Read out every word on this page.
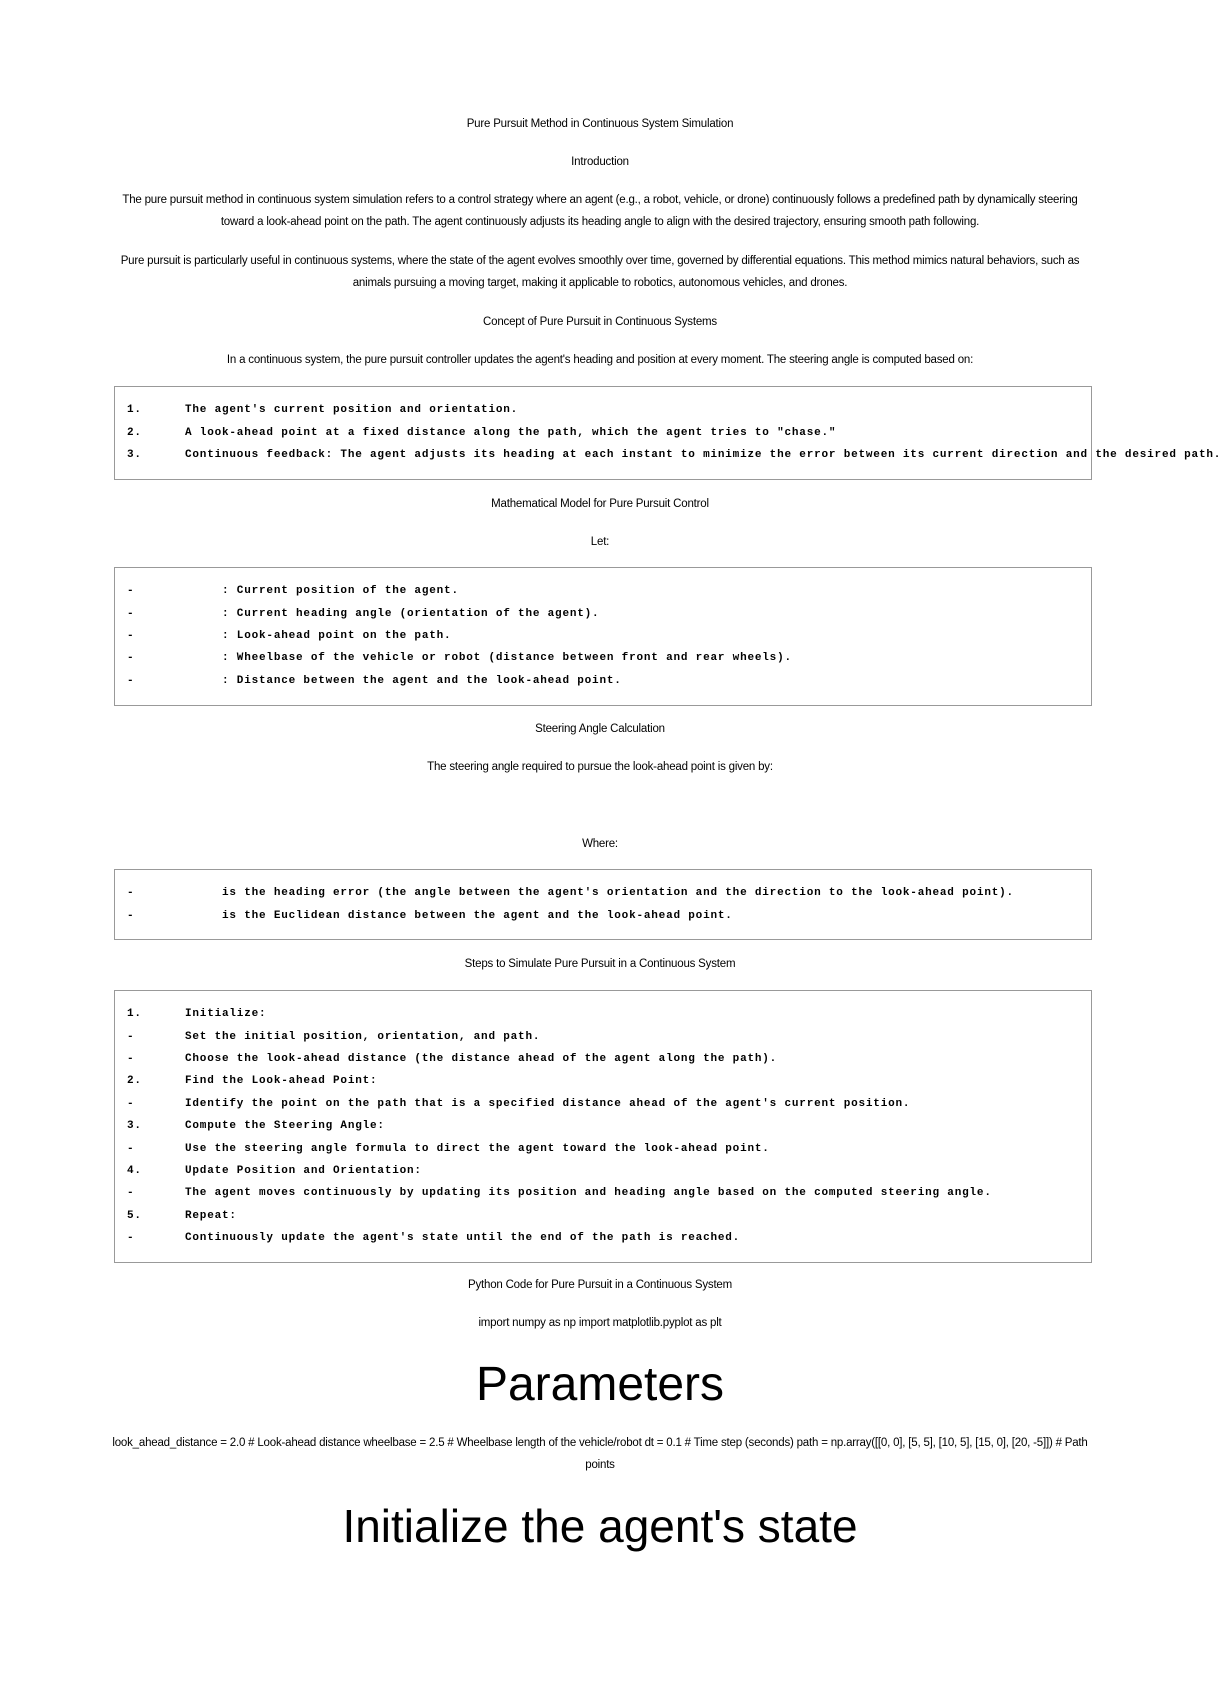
Pure Pursuit Method in Continuous System Simulation

Introduction

The pure pursuit method in continuous system simulation refers to a control strategy where an agent (e.g., a robot, vehicle, or drone) continuously follows a predefined path by dynamically steering toward a look-ahead point on the path. The agent continuously adjusts its heading angle to align with the desired trajectory, ensuring smooth path following.

Pure pursuit is particularly useful in continuous systems, where the state of the agent evolves smoothly over time, governed by differential equations. This method mimics natural behaviors, such as animals pursuing a moving target, making it applicable to robotics, autonomous vehicles, and drones.

Concept of Pure Pursuit in Continuous Systems

In a continuous system, the pure pursuit controller updates the agent's heading and position at every moment. The steering angle is computed based on:

1.	The agent's current position and orientation.
2.	A look-ahead point at a fixed distance along the path, which the agent tries to "chase."
3.	Continuous feedback: The agent adjusts its heading at each instant to minimize the error between its current direction and the desired path.

Mathematical Model for Pure Pursuit Control

Let:

-	: Current position of the agent.
-	: Current heading angle (orientation of the agent).
-	: Look-ahead point on the path.
-	: Wheelbase of the vehicle or robot (distance between front and rear wheels).
-	: Distance between the agent and the look-ahead point.

Steering Angle Calculation

The steering angle required to pursue the look-ahead point is given by:

Where:

-	is the heading error (the angle between the agent's orientation and the direction to the look-ahead point).
-	is the Euclidean distance between the agent and the look-ahead point.

Steps to Simulate Pure Pursuit in a Continuous System

1.	Initialize:
-	Set the initial position, orientation, and path.
-	Choose the look-ahead distance (the distance ahead of the agent along the path).
2.	Find the Look-ahead Point:
-	Identify the point on the path that is a specified distance ahead of the agent's current position.
3.	Compute the Steering Angle:
-	Use the steering angle formula to direct the agent toward the look-ahead point.
4.	Update Position and Orientation:
-	The agent moves continuously by updating its position and heading angle based on the computed steering angle.
5.	Repeat:
-	Continuously update the agent's state until the end of the path is reached.

Python Code for Pure Pursuit in a Continuous System

import numpy as np import matplotlib.pyplot as plt

Parameters

look_ahead_distance = 2.0 # Look-ahead distance wheelbase = 2.5 # Wheelbase length of the vehicle/robot dt = 0.1 # Time step (seconds) path = np.array([[0, 0], [5, 5], [10, 5], [15, 0], [20, -5]]) # Path points

Initialize the agent's state
